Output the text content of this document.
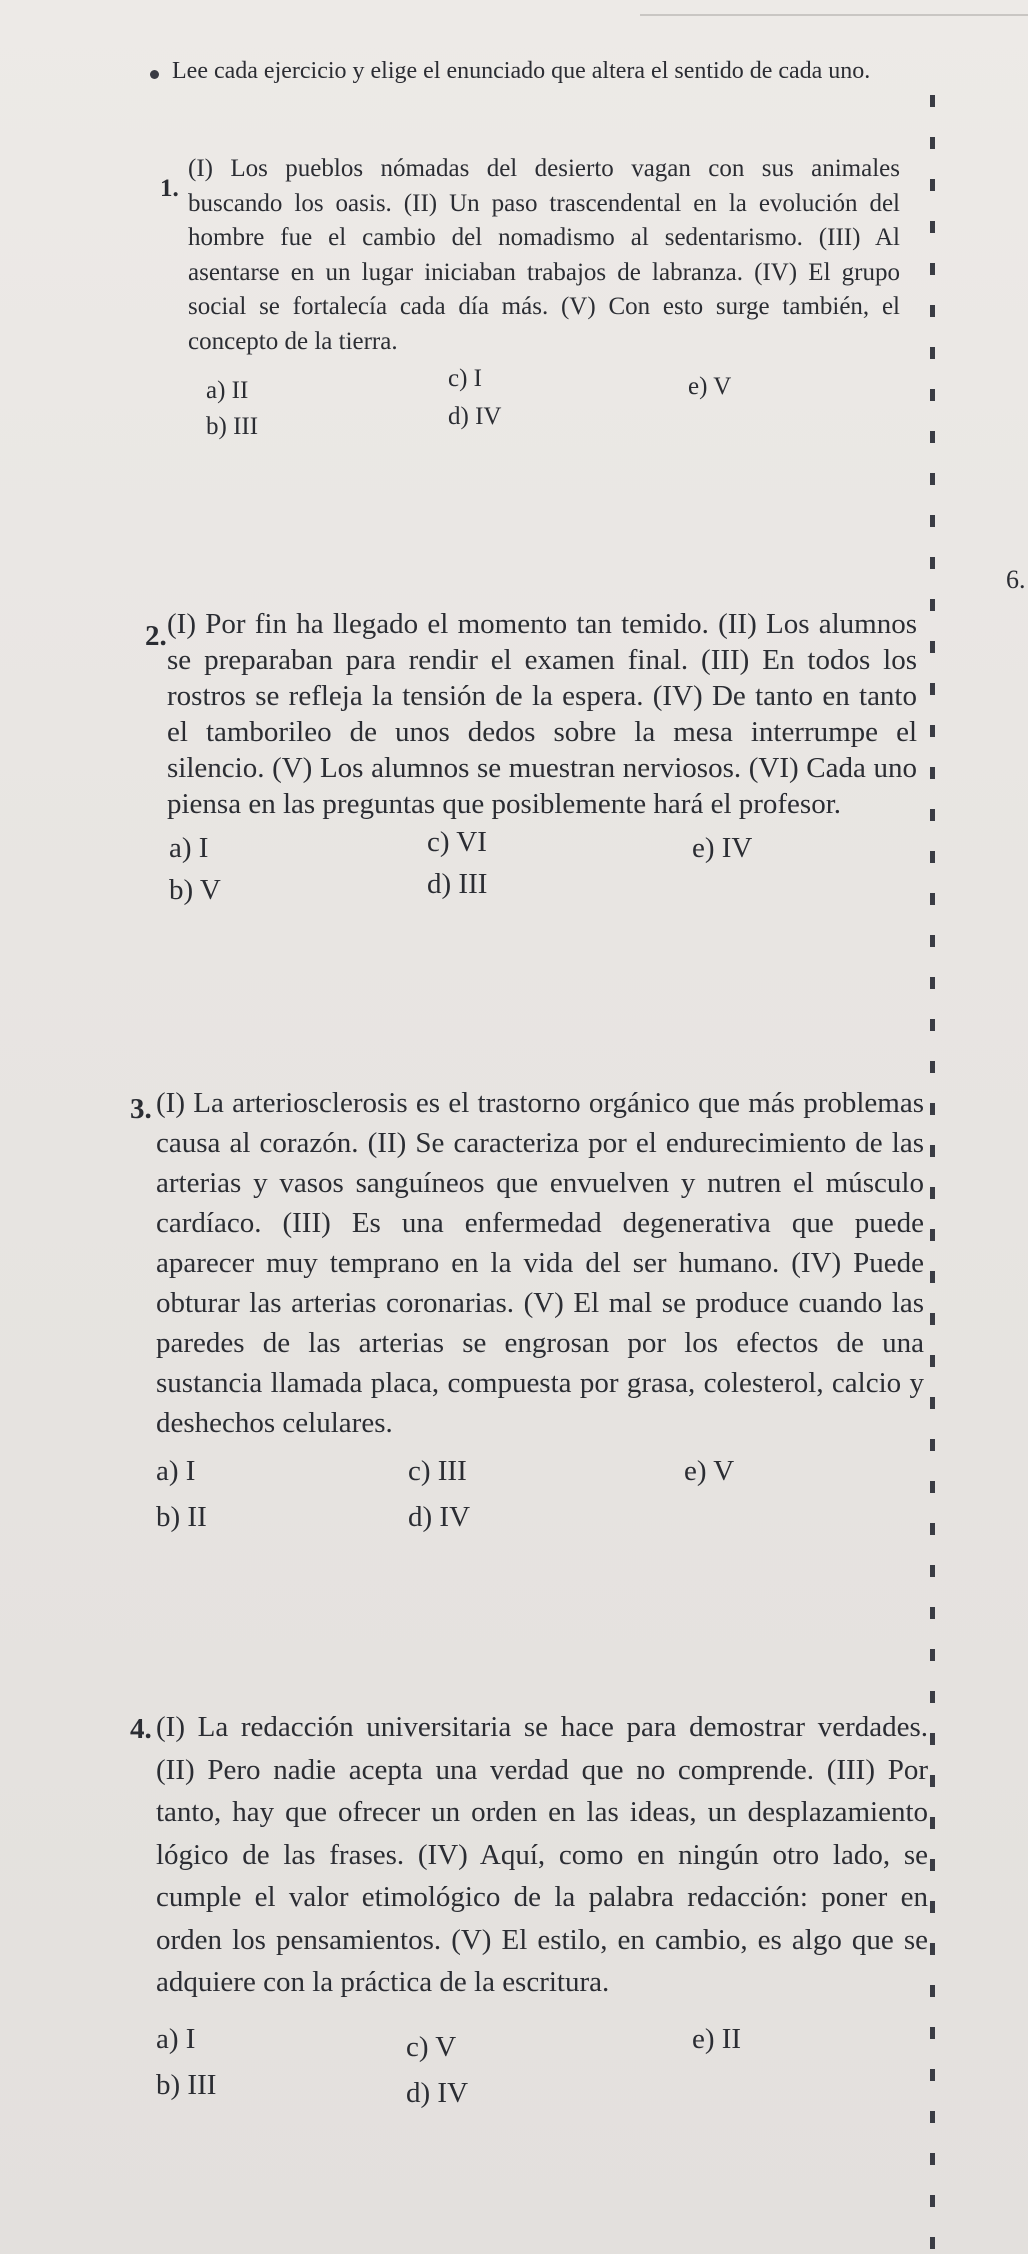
6.
Lee cada ejercicio y elige el enunciado que altera el sentido de cada uno.
1.
(I) Los pueblos nómadas del desierto vagan con sus animales buscando los oasis. (II) Un paso trascendental en la evolución del hombre fue el cambio del nomadismo al sedentarismo. (III) Al asentarse en un lugar iniciaban trabajos de labranza. (IV) El grupo social se fortalecía cada día más. (V) Con esto surge también, el concepto de la tierra.
a) II
b) III
c) I
d) IV
e) V
2. (I) Por fin ha llegado el momento tan temido. (II) Los alumnos se preparaban para rendir el examen final. (III) En todos los rostros se refleja la tensión de la espera. (IV) De tanto en tanto el tamborileo de unos dedos sobre la mesa interrumpe el silencio. (V) Los alumnos se muestran nerviosos. (VI) Cada uno piensa en las preguntas que posiblemente hará el profesor.
a) I
b) V
c) VI
d) III
e) IV
3. (I) La arteriosclerosis es el trastorno orgánico que más problemas causa al corazón. (II) Se caracteriza por el endurecimiento de las arterias y vasos sanguíneos que envuelven y nutren el músculo cardíaco. (III) Es una enfermedad degenerativa que puede aparecer muy temprano en la vida del ser humano. (IV) Puede obturar las arterias coronarias. (V) El mal se produce cuando las paredes de las arterias se engrosan por los efectos de una sustancia llamada placa, compuesta por grasa, colesterol, calcio y deshechos celulares.
a) I
b) II
c) III
d) IV
e) V
4. (I) La redacción universitaria se hace para demostrar verdades. (II) Pero nadie acepta una verdad que no comprende. (III) Por tanto, hay que ofrecer un orden en las ideas, un desplazamiento lógico de las frases. (IV) Aquí, como en ningún otro lado, se cumple el valor etimológico de la palabra redacción: poner en orden los pensamientos. (V) El estilo, en cambio, es algo que se adquiere con la práctica de la escritura.
a) I
b) III
c) V
d) IV
e) II
